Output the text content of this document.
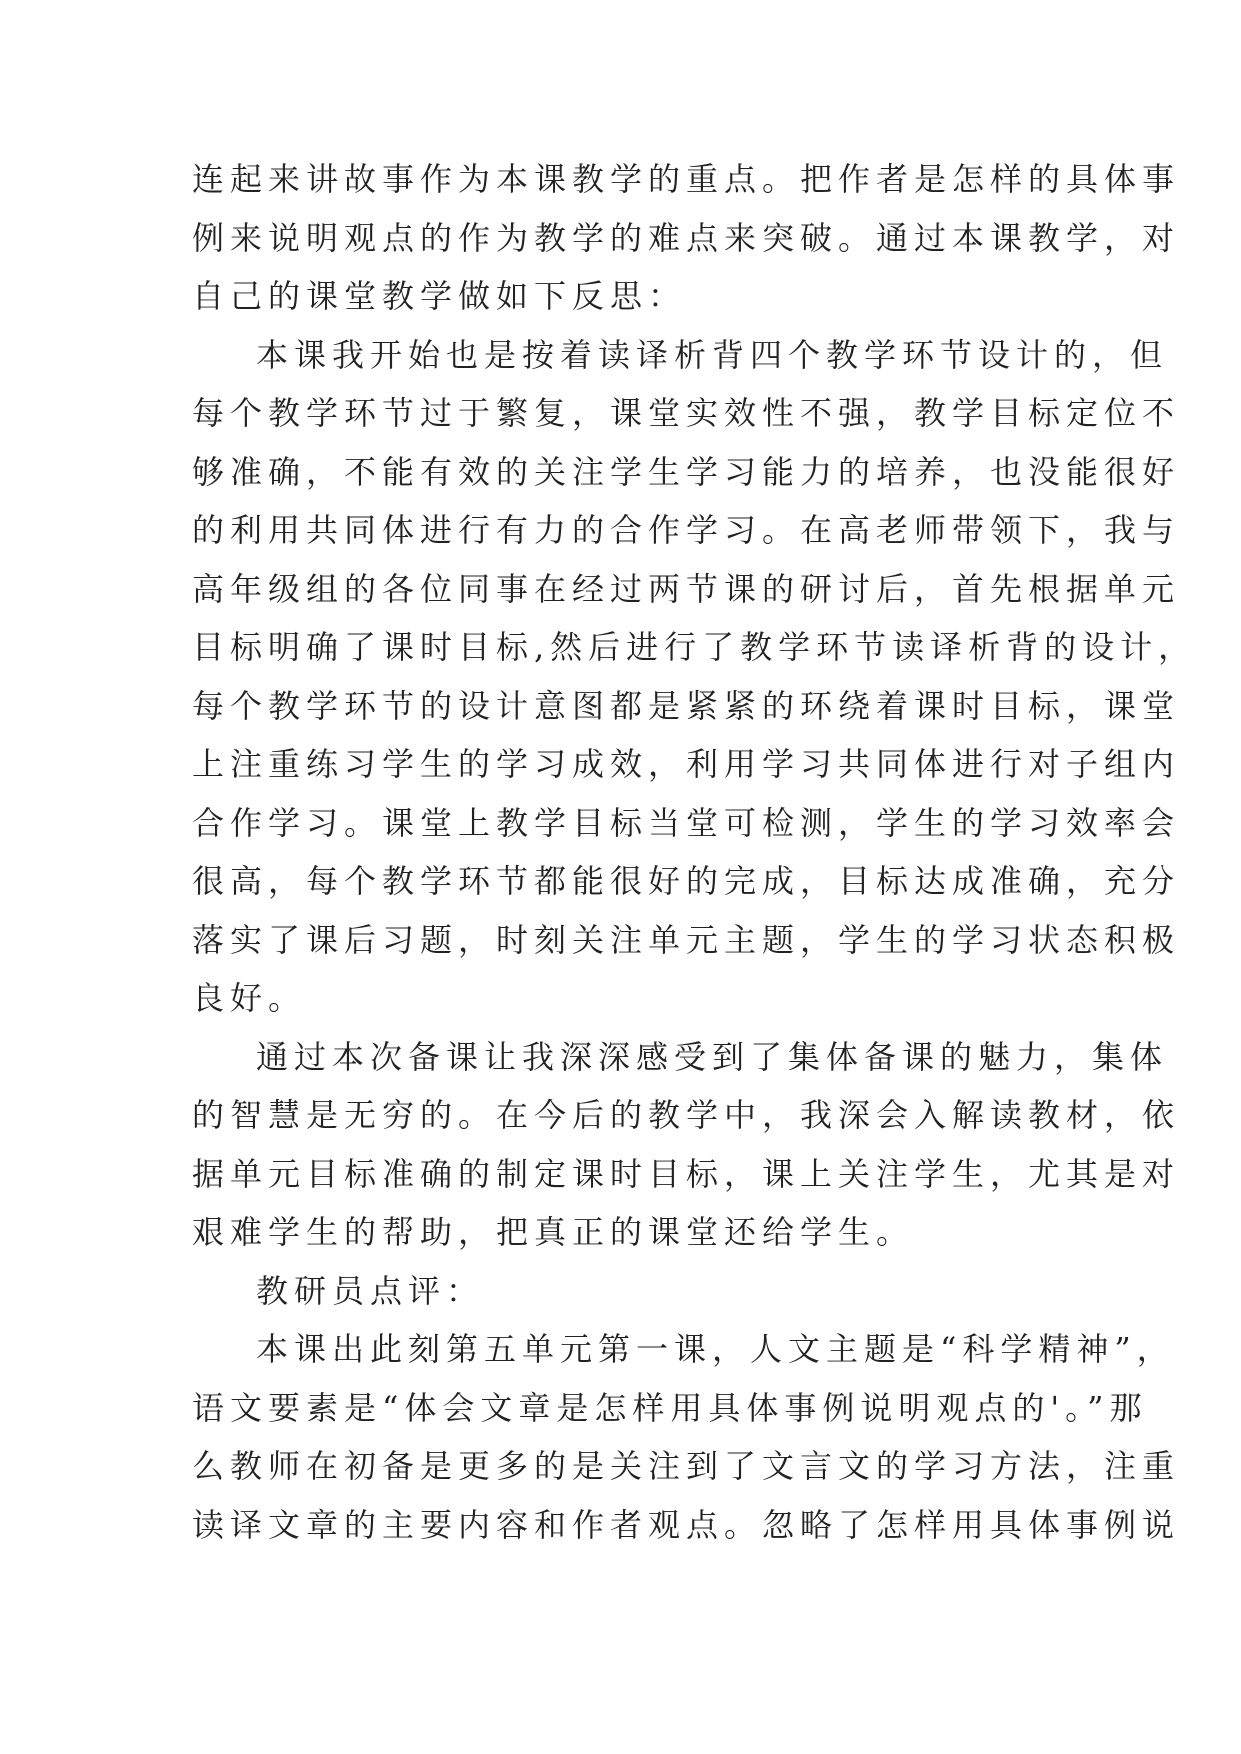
连起来讲故事作为本课教学的重点。把作者是怎样的具体事
例来说明观点的作为教学的难点来突破。通过本课教学，对
自己的课堂教学做如下反思：
本课我开始也是按着读译析背四个教学环节设计的，但
每个教学环节过于繁复，课堂实效性不强，教学目标定位不
够准确，不能有效的关注学生学习能力的培养，也没能很好
的利用共同体进行有力的合作学习。在高老师带领下，我与
高年级组的各位同事在经过两节课的研讨后，首先根据单元
目标明确了课时目标,然后进行了教学环节读译析背的设计，
每个教学环节的设计意图都是紧紧的环绕着课时目标，课堂
上注重练习学生的学习成效，利用学习共同体进行对子组内
合作学习。课堂上教学目标当堂可检测，学生的学习效率会
很高，每个教学环节都能很好的完成，目标达成准确，充分
落实了课后习题，时刻关注单元主题，学生的学习状态积极
良好。
通过本次备课让我深深感受到了集体备课的魅力，集体
的智慧是无穷的。在今后的教学中，我深会入解读教材，依
据单元目标准确的制定课时目标，课上关注学生，尤其是对
艰难学生的帮助，把真正的课堂还给学生。
教研员点评：
本课出此刻第五单元第一课，人文主题是“科学精神”，
语文要素是“体会文章是怎样用具体事例说明观点的'。”那
么教师在初备是更多的是关注到了文言文的学习方法，注重
读译文章的主要内容和作者观点。忽略了怎样用具体事例说
